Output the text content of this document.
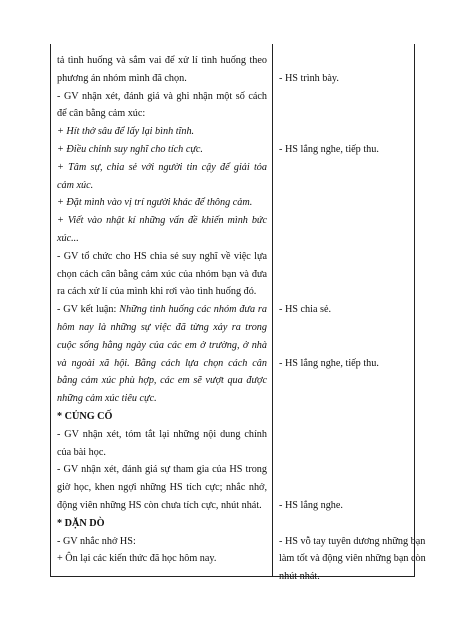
tả tình huống và sắm vai để xử lí tình huống theo
phương án nhóm mình đã chọn.
- GV nhận xét, đánh giá và ghi nhận một số cách
để cân bằng cảm xúc:
+ Hít thở sâu để lấy lại bình tĩnh.
+ Điều chỉnh suy nghĩ cho tích cực.
+ Tâm sự, chia sẻ với người tin cậy để giải tỏa
cảm xúc.
+ Đặt mình vào vị trí người khác để thông cảm.
+ Viết vào nhật kí những vấn đề khiến mình bức
xúc...
- GV tổ chức cho HS chia sẻ suy nghĩ về việc lựa
chọn cách cân bằng cảm xúc của nhóm bạn và đưa
ra cách xử lí của mình khi rơi vào tình huống đó.
- GV kết luận: Những tình huống các nhóm đưa ra
hôm nay là những sự việc đã từng xảy ra trong
cuộc sống hằng ngày của các em ở trường, ở nhà
và ngoài xã hội. Bằng cách lựa chọn cách cân
bằng cảm xúc phù hợp, các em sẽ vượt qua được
những cảm xúc tiêu cực.
* CỦNG CỐ
- GV nhận xét, tóm tắt lại những nội dung chính
của bài học.
- GV nhận xét, đánh giá sự tham gia của HS trong
giờ học, khen ngợi những HS tích cực; nhắc nhở,
động viên những HS còn chưa tích cực, nhút nhát.
* DẶN DÒ
- GV nhắc nhở HS:
+ Ôn lại các kiến thức đã học hôm nay.
- HS trình bày.
- HS lắng nghe, tiếp thu.
- HS chia sẻ.
- HS lắng nghe, tiếp thu.
- HS lắng nghe.
- HS vỗ tay tuyên dương những bạn
làm tốt và động viên những bạn còn
nhút nhát.
